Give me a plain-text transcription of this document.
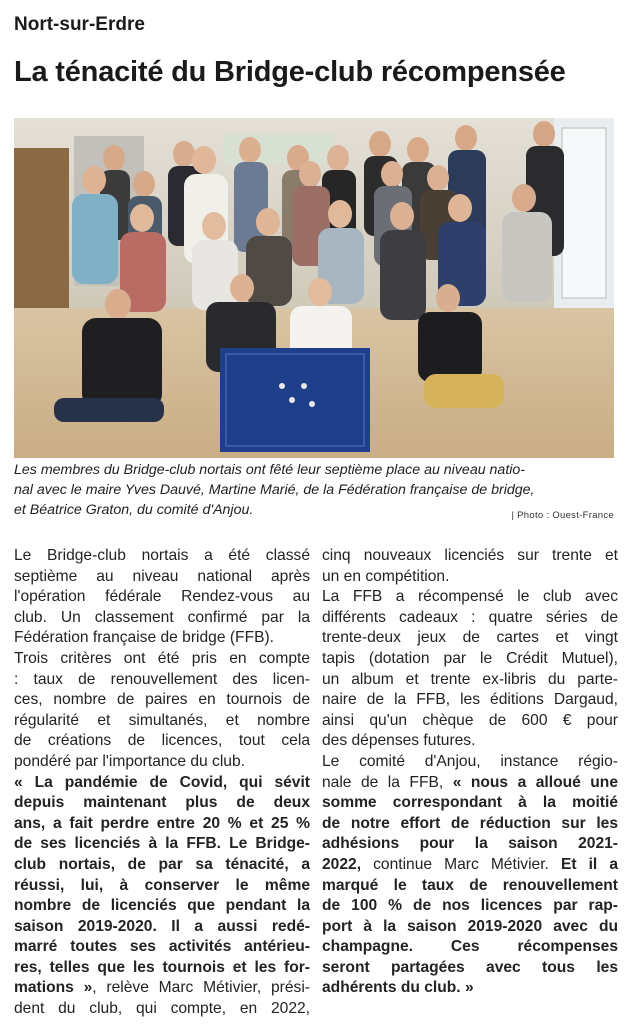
Nort-sur-Erdre
La ténacité du Bridge-club récompensée
Les membres du Bridge-club nortais ont fêté leur septième place au niveau natio-
nal avec le maire Yves Dauvé, Martine Marié, de la Fédération française de bridge,
et Béatrice Graton, du comité d'Anjou.	| Photo : Ouest-France
Le Bridge-club nortais a été classé
septième au niveau national après
l'opération fédérale Rendez-vous au
club. Un classement confirmé par la
Fédération française de bridge (FFB).
Trois critères ont été pris en compte
: taux de renouvellement des licen-
ces, nombre de paires en tournois de
régularité et simultanés, et nombre
de créations de licences, tout cela
pondéré par l'importance du club.
« La pandémie de Covid, qui sévit
depuis maintenant plus de deux
ans, a fait perdre entre 20 % et 25 %
de ses licenciés à la FFB. Le Bridge-
club nortais, de par sa ténacité, a
réussi, lui, à conserver le même
nombre de licenciés que pendant la
saison 2019-2020. Il a aussi redé-
marré toutes ses activités antérieu-
res, telles que les tournois et les for-
mations », relève Marc Métivier, prési-
dent du club, qui compte, en 2022,
cinq nouveaux licenciés sur trente et
un en compétition.
La FFB a récompensé le club avec
différents cadeaux : quatre séries de
trente-deux jeux de cartes et vingt
tapis (dotation par le Crédit Mutuel),
un album et trente ex-libris du parte-
naire de la FFB, les éditions Dargaud,
ainsi qu'un chèque de 600 € pour
des dépenses futures.
Le comité d'Anjou, instance régio-
nale de la FFB, « nous a alloué une
somme correspondant à la moitié
de notre effort de réduction sur les
adhésions pour la saison 2021-
2022, continue Marc Métivier. Et il a
marqué le taux de renouvellement
de 100 % de nos licences par rap-
port à la saison 2019-2020 avec du
champagne. Ces récompenses
seront partagées avec tous les
adhérents du club. »
